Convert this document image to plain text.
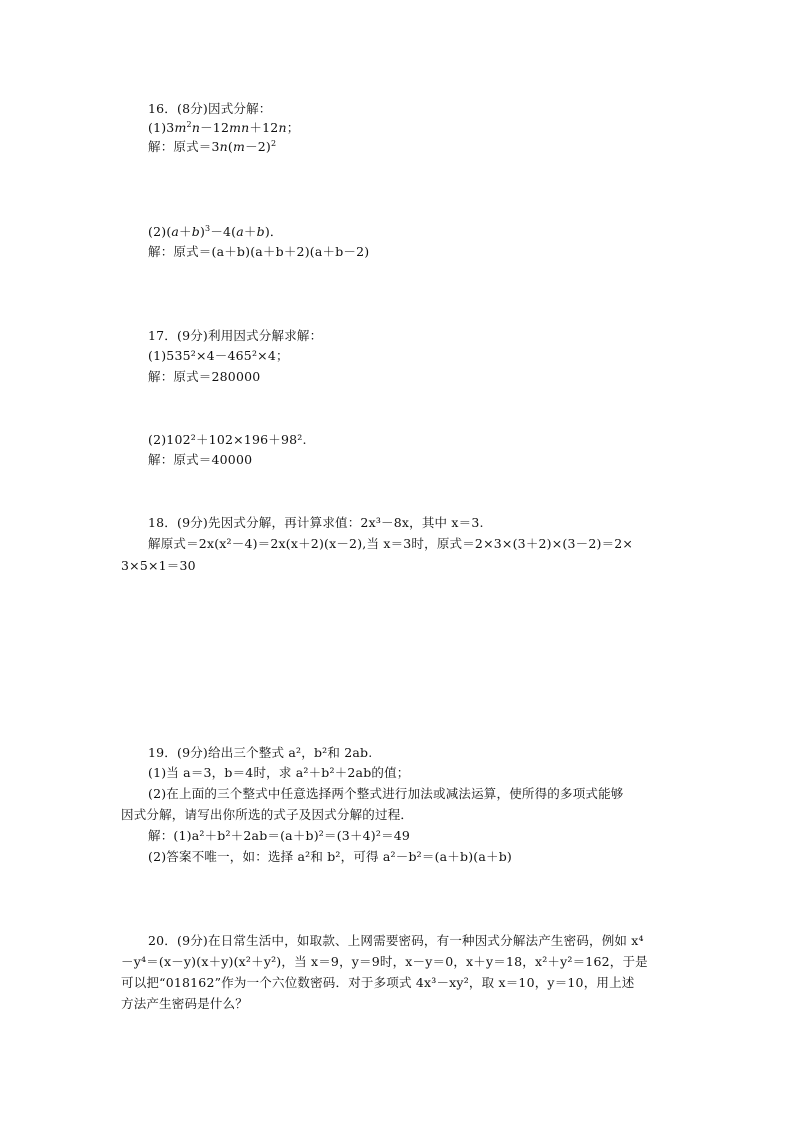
16．(8分)因式分解：
$(1)3m^2n-12mn+12n$；
解：原式$=3n(m-2)^2$
$(2)(a+b)^3-4(a+b)$．
解：原式＝(a＋b)(a＋b＋2)(a＋b－2)
17．(9分)利用因式分解求解：
(1)535²×4－465²×4；
解：原式＝280000
(2)102²＋102×196＋98².
解：原式＝40000
18．(9分)先因式分解，再计算求值：2x³－8x，其中 x＝3.
解原式＝2x(x²－4)＝2x(x＋2)(x－2),当 x＝3时，原式＝2×3×(3＋2)×(3－2)＝2×
3×5×1＝30
19．(9分)给出三个整式 a²，b²和 2ab.
(1)当 a＝3，b＝4时，求 a²＋b²＋2ab的值；
(2)在上面的三个整式中任意选择两个整式进行加法或减法运算，使所得的多项式能够
因式分解，请写出你所选的式子及因式分解的过程．
解：(1)a²＋b²＋2ab＝(a＋b)²＝(3＋4)²＝49
(2)答案不唯一，如：选择 a²和 b²，可得 a²－b²＝(a＋b)(a＋b)
20．(9分)在日常生活中，如取款、上网需要密码，有一种因式分解法产生密码，例如 x⁴
－y⁴＝(x－y)(x＋y)(x²＋y²)，当 x＝9，y＝9时，x－y＝0，x＋y＝18，x²＋y²＝162，于是
可以把“018162”作为一个六位数密码．对于多项式 4x³－xy²，取 x＝10，y＝10，用上述
方法产生密码是什么？
